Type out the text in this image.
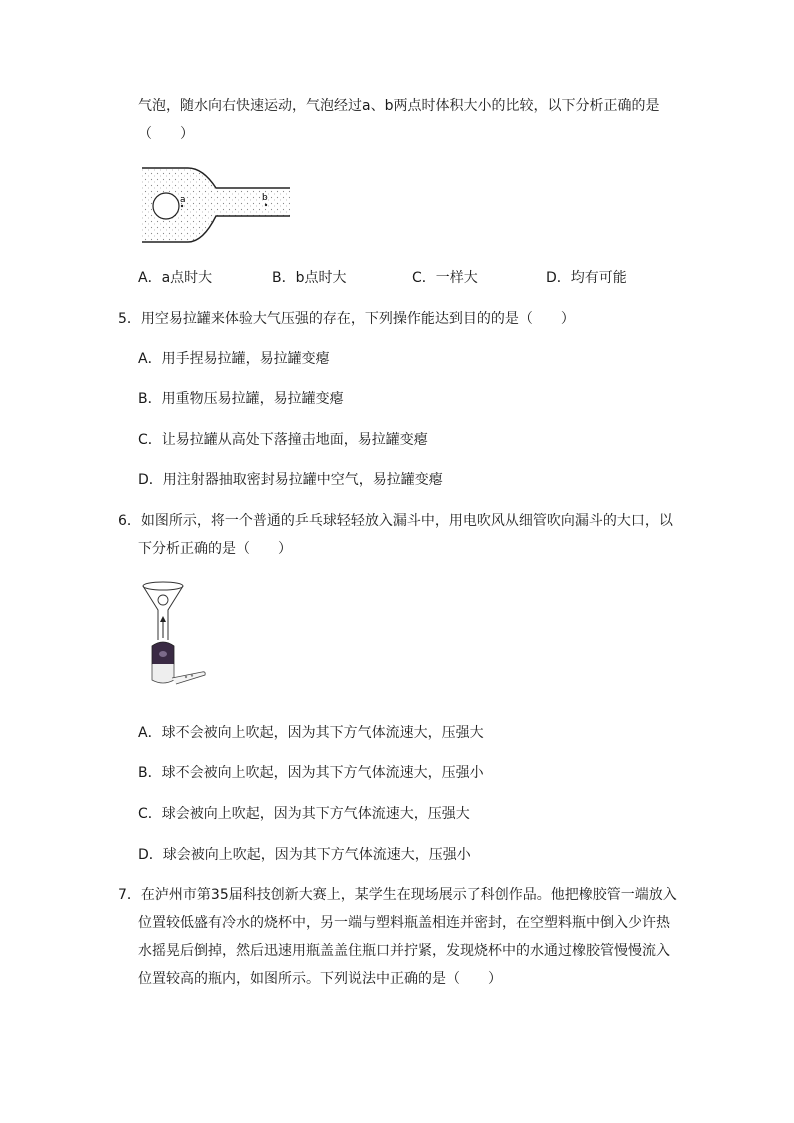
气泡，随水向右快速运动，气泡经过a、b两点时体积大小的比较，以下分析正确的是
（　　）
a	b
A．a点时大	B．b点时大	C．一样大	D．均有可能
5．用空易拉罐来体验大气压强的存在，下列操作能达到目的的是（　　）
A．用手捏易拉罐，易拉罐变瘪
B．用重物压易拉罐，易拉罐变瘪
C．让易拉罐从高处下落撞击地面，易拉罐变瘪
D．用注射器抽取密封易拉罐中空气，易拉罐变瘪
6．如图所示，将一个普通的乒乓球轻轻放入漏斗中，用电吹风从细管吹向漏斗的大口，以
下分析正确的是（　　）
A．球不会被向上吹起，因为其下方气体流速大，压强大
B．球不会被向上吹起，因为其下方气体流速大，压强小
C．球会被向上吹起，因为其下方气体流速大，压强大
D．球会被向上吹起，因为其下方气体流速大，压强小
7．在泸州市第35届科技创新大赛上，某学生在现场展示了科创作品。他把橡胶管一端放入
位置较低盛有冷水的烧杯中，另一端与塑料瓶盖相连并密封，在空塑料瓶中倒入少许热
水摇晃后倒掉，然后迅速用瓶盖盖住瓶口并拧紧，发现烧杯中的水通过橡胶管慢慢流入
位置较高的瓶内，如图所示。下列说法中正确的是（　　）
